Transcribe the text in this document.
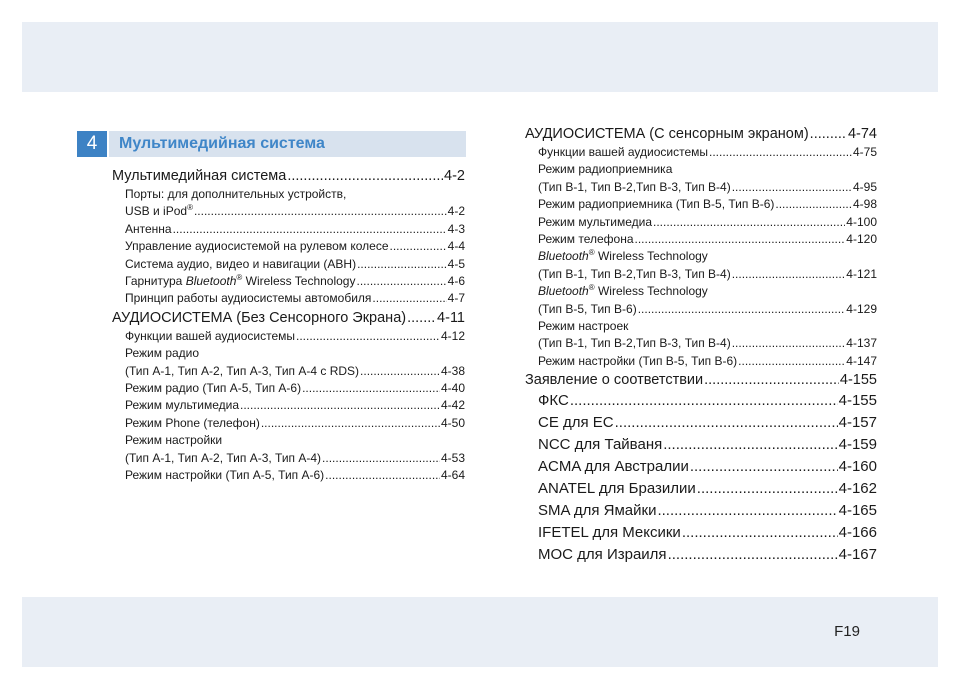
F19
4	Мультимедийная система
Мультимедийная система .....	4-2
Порты: для дополнительных устройств,
USB и iPod® .....	4-2
Антенна .....	4-3
Управление аудиосистемой на рулевом колесе .....	4-4
Система аудио, видео и навигации (АВН) .....	4-5
Гарнитура Bluetooth® Wireless Technology .....	4-6
Принцип работы аудиосистемы автомобиля .....	4-7
АУДИОСИСТЕМА (Без Сенсорного Экрана) ..... 4-11
Функции вашей аудиосистемы .....	4-12
Режим радио
(Тип А-1, Тип А-2, Тип А-3, Тип А-4 с RDS) .....	4-38
Режим радио (Тип А-5, Тип А-6) .....	4-40
Режим мультимедиа .....	4-42
Режим Phone (телефон) .....	4-50
Режим настройки
(Тип А-1, Тип А-2, Тип А-3, Тип А-4) .....	4-53
Режим настройки (Тип А-5, Тип А-6) .....	4-64
АУДИОСИСТЕМА (С сенсорным экраном) .....	4-74
Функции вашей аудиосистемы .....	4-75
Режим радиоприемника
(Тип В-1, Тип В-2,Тип В-3, Тип В-4) .....	4-95
Режим радиоприемника (Тип В-5, Тип В-6) .....	4-98
Режим мультимедиа .....	4-100
Режим телефона .....	4-120
Bluetooth® Wireless Technology
(Тип В-1, Тип В-2,Тип В-3, Тип В-4) .....	4-121
Bluetooth® Wireless Technology
(Тип В-5, Тип В-6) .....	4-129
Режим настроек
(Тип В-1, Тип В-2,Тип В-3, Тип В-4) .....	4-137
Режим настройки (Тип В-5, Тип В-6) .....	4-147
Заявление о соответствии .....	4-155
ФКС .....	4-155
CE для ЕС .....	4-157
NCC для Тайваня .....	4-159
ACMA для Австралии .....	4-160
ANATEL для Бразилии .....	4-162
SMA для Ямайки .....	4-165
IFETEL для Мексики .....	4-166
MOC для Израиля .....	4-167
